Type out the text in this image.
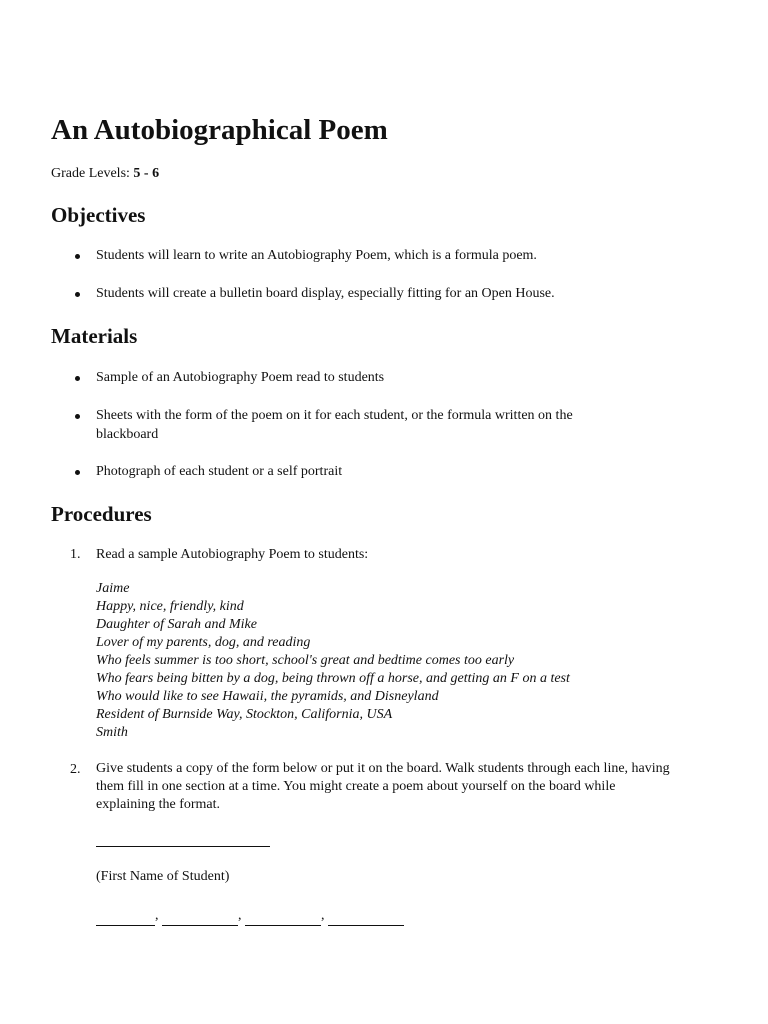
An Autobiographical Poem
Grade Levels: 5 - 6
Objectives
Students will learn to write an Autobiography Poem, which is a formula poem.
Students will create a bulletin board display, especially fitting for an Open House.
Materials
Sample of an Autobiography Poem read to students
Sheets with the form of the poem on it for each student, or the formula written on the blackboard
Photograph of each student or a self portrait
Procedures
1.	Read a sample Autobiography Poem to students:
Jaime
Happy, nice, friendly, kind
Daughter of Sarah and Mike
Lover of my parents, dog, and reading
Who feels summer is too short, school's great and bedtime comes too early
Who fears being bitten by a dog, being thrown off a horse, and getting an F on a test
Who would like to see Hawaii, the pyramids, and Disneyland
Resident of Burnside Way, Stockton, California, USA
Smith
2.	Give students a copy of the form below or put it on the board. Walk students through each line, having them fill in one section at a time. You might create a poem about yourself on the board while explaining the format.
(First Name of Student)
,	,	,
